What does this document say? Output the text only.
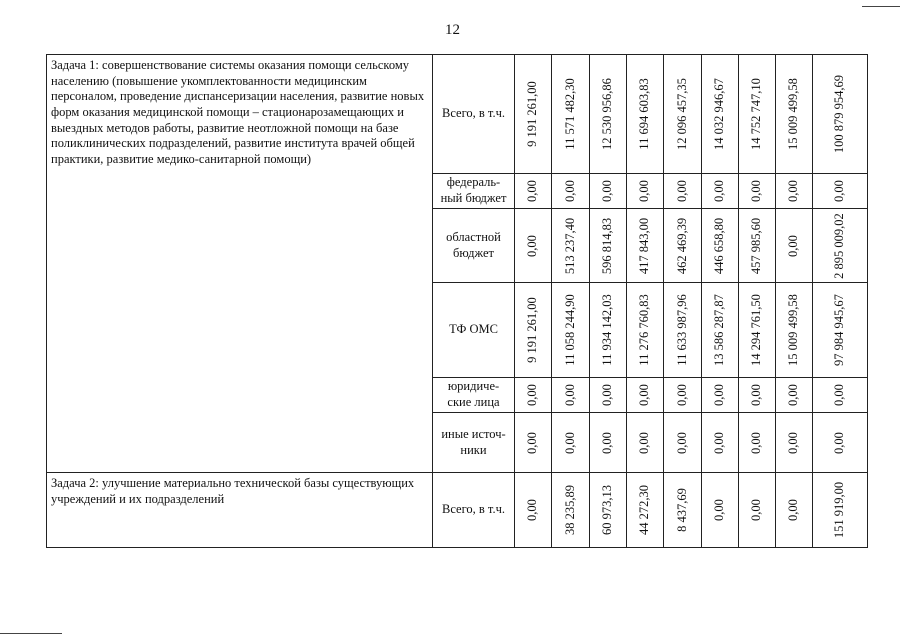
12
Задача 1: совершенствование системы оказания помощи сельскому населению (повышение укомплектованности медицинским персоналом, проведение диспансеризации населения, развитие новых форм оказания медицинской помощи – стационарозамещающих и выездных методов работы, развитие неотложной помощи на базе поликлинических подразделений, развитие института врачей общей практики, развитие медико-санитарной помощи)	Всего, в т.ч.	9 191 261,00	11 571 482,30	12 530 956,86	11 694 603,83	12 096 457,35	14 032 946,67	14 752 747,10	15 009 499,58	100 879 954,69

	федераль-ный бюджет	0,00	0,00	0,00	0,00	0,00	0,00	0,00	0,00	0,00

	областной бюджет	0,00	513 237,40	596 814,83	417 843,00	462 469,39	446 658,80	457 985,60	0,00	2 895 009,02

	ТФ ОМС	9 191 261,00	11 058 244,90	11 934 142,03	11 276 760,83	11 633 987,96	13 586 287,87	14 294 761,50	15 009 499,58	97 984 945,67

	юридиче-ские лица	0,00	0,00	0,00	0,00	0,00	0,00	0,00	0,00	0,00

	иные источ-ники	0,00	0,00	0,00	0,00	0,00	0,00	0,00	0,00	0,00

Задача 2: улучшение материально технической базы существующих учреждений и их подразделений	Всего, в т.ч.	0,00	38 235,89	60 973,13	44 272,30	8 437,69	0,00	0,00	0,00	151 919,00
